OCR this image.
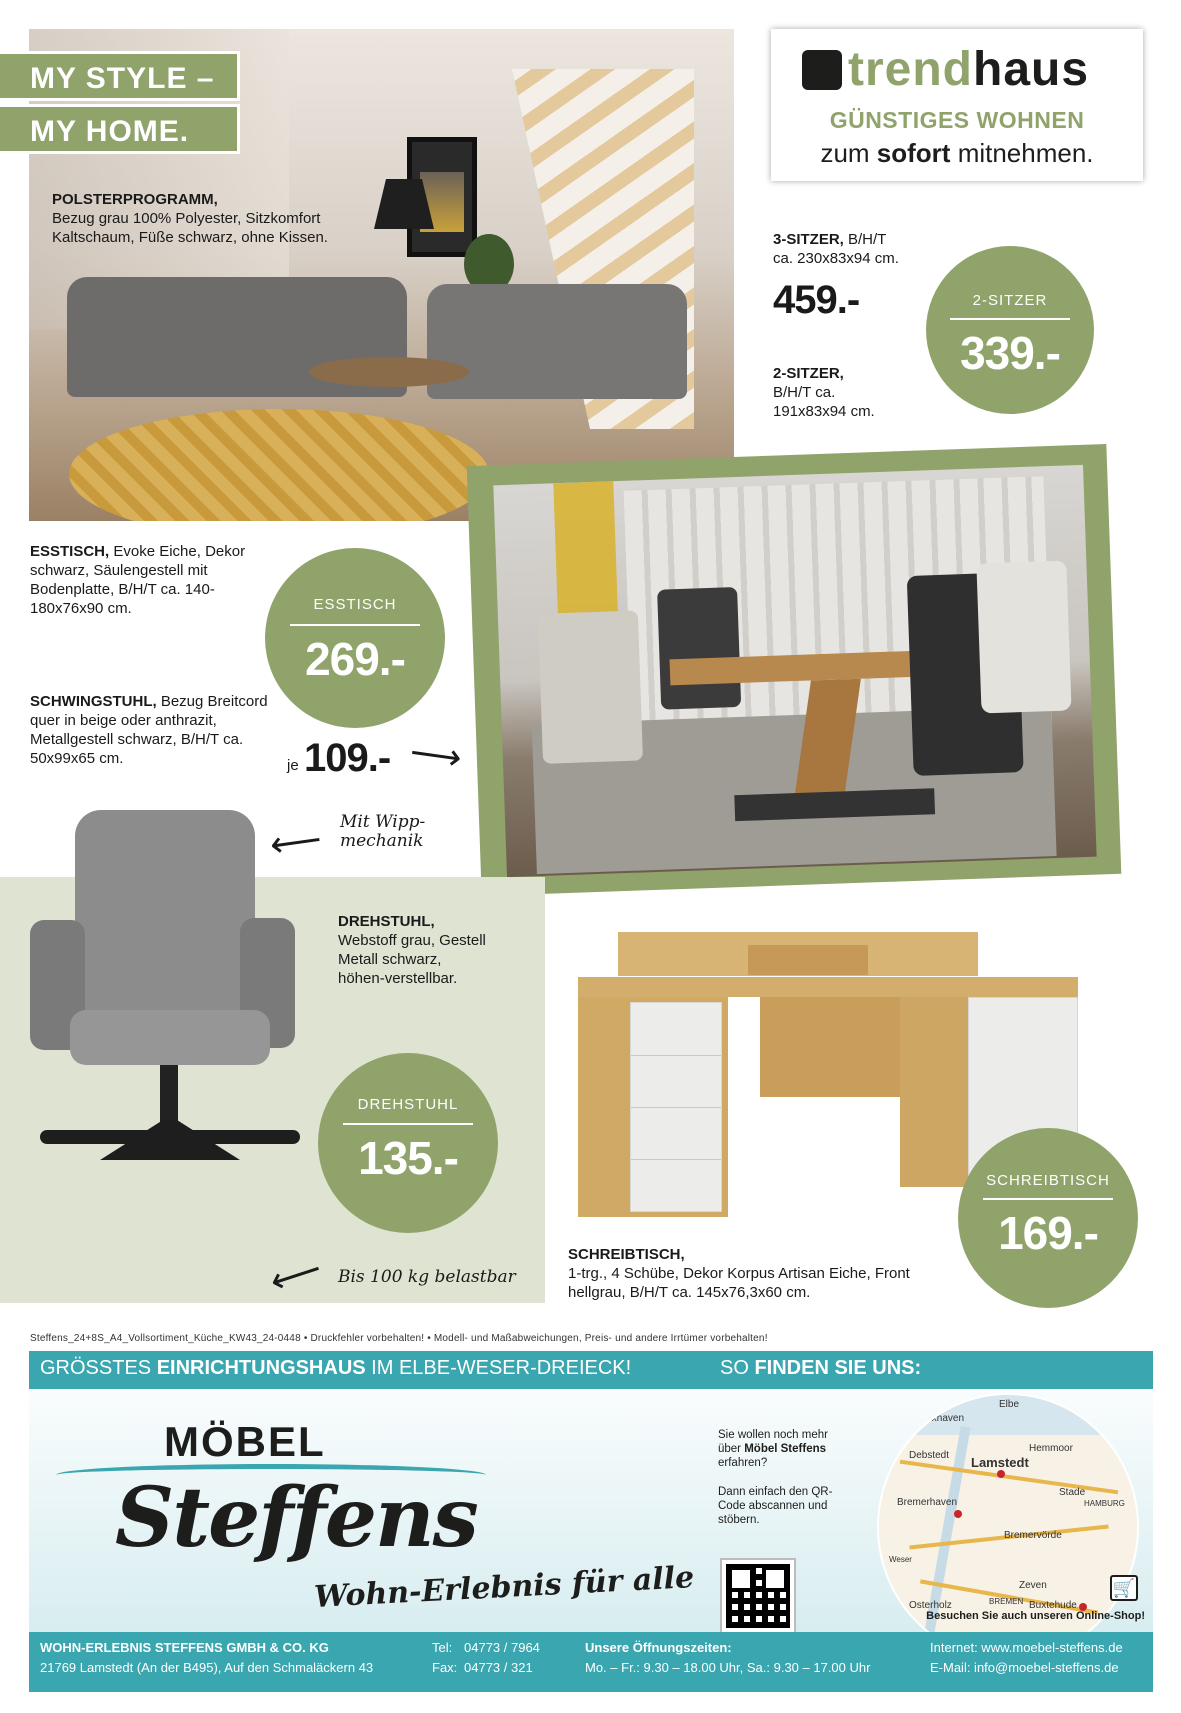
MY STYLE –
MY HOME.
POLSTERPROGRAMM,
Bezug grau 100% Polyester, Sitzkomfort Kaltschaum, Füße schwarz, ohne Kissen.
trendhaus
GÜNSTIGES WOHNEN
zum sofort mitnehmen.
3-SITZER, B/H/T
ca. 230x83x94 cm.
459.-
2-SITZER,
B/H/T ca.
191x83x94 cm.
2-SITZER
339.-
ESSTISCH, Evoke Eiche, Dekor schwarz, Säulengestell mit Bodenplatte, B/H/T ca. 140-180x76x90 cm.	ESSTISCH
269.-
SCHWINGSTUHL, Bezug Breitcord quer in beige oder anthrazit, Metallgestell schwarz, B/H/T ca. 50x99x65 cm.	je 109.- ⟶
⟵ Mit Wipp-
mechanik
DREHSTUHL,
Webstoff grau, Gestell Metall schwarz, höhen-verstellbar.
DREHSTUHL
135.-
⟵ Bis 100 kg belastbar
SCHREIBTISCH,
1-trg., 4 Schübe, Dekor Korpus Artisan Eiche, Front hellgrau, B/H/T ca. 145x76,3x60 cm.
SCHREIBTISCH
169.-
Steffens_24+8S_A4_Vollsortiment_Küche_KW43_24-0448 • Druckfehler vorbehalten! • Modell- und Maßabweichungen, Preis- und andere Irrtümer vorbehalten!
GRÖSSTES EINRICHTUNGSHAUS IM ELBE-WESER-DREIECK!	SO FINDEN SIE UNS:
MÖBEL
Steffens
Wohn-Erlebnis für alle
Sie wollen noch mehr über Möbel Steffens erfahren?
Dann einfach den QR-Code abscannen und stöbern.
Elbe
Cuxhaven
Debstedt Lamstedt
Hemmoor
Stade
HAMBURG
Bremerhaven
Bremervörde
Weser
Osterholz
Zeven
BREMEN Buxtehude
🛒
Besuchen Sie auch unseren Online-Shop!
WOHN-ERLEBNIS STEFFENS GMBH & CO. KG
21769 Lamstedt (An der B495), Auf den Schmaläckern 43
Tel: 04773 / 7964
Fax: 04773 / 321
Unsere Öffnungszeiten:
Mo. – Fr.: 9.30 – 18.00 Uhr, Sa.: 9.30 – 17.00 Uhr
Internet: www.moebel-steffens.de
E-Mail: info@moebel-steffens.de
